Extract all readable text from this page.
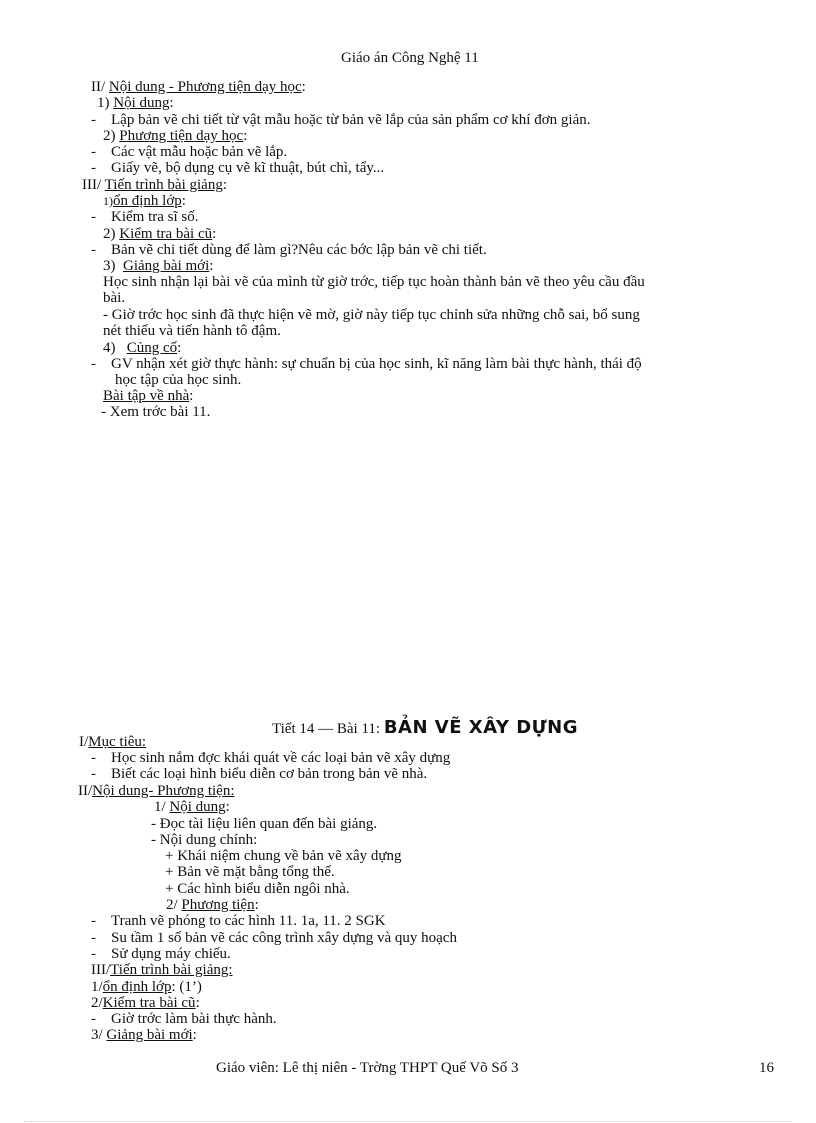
Giáo án Công Nghệ 11
II/ Nội dung - Phương tiện dạy học:
1) Nội dung:
-    Lập bản vẽ chi tiết từ vật mẫu hoặc từ bản vẽ lắp của sản phẩm cơ khí đơn giản.
2) Phương tiện dạy học:
-    Các vật mẫu hoặc bản vẽ lắp.
-    Giấy vẽ, bộ dụng cụ vẽ kĩ thuật, bút chì, tẩy...
III/ Tiến trình bài giảng:
1)ổn định lớp:
-    Kiểm tra sĩ số.
2) Kiểm tra bài cũ:
-    Bản vẽ chi tiết dùng để làm gì?Nêu các bớc lập bản vẽ chi tiết.
3) Giảng bài mới:
Học sinh nhận lại bài vẽ của mình từ giờ trớc, tiếp tục hoàn thành bản vẽ theo yêu cầu đầu
bài.
- Giờ trớc học sinh đã thực hiện vẽ mờ, giờ này tiếp tục chỉnh sửa những chỗ sai, bổ sung
nét thiếu và tiến hành tô đậm.
4) Củng cố:
-    GV nhận xét giờ thực hành: sự chuẩn bị của học sinh, kĩ năng làm bài thực hành, thái độ
học tập của học sinh.
Bài tập về nhà:
- Xem trớc bài 11.
Tiết 14 — Bài 11: BẢN VẼ XÂY DỰNG
I/Mục tiêu:
-    Học sinh nắm đợc khái quát về các loại bản vẽ xây dựng
-    Biết các loại hình biểu diễn cơ bản trong bản vẽ nhà.
II/Nội dung- Phương tiện:
1/ Nội dung:
- Đọc tài liệu liên quan đến bài giảng.
- Nội dung chính:
+ Khái niệm chung về bản vẽ xây dựng
+ Bản vẽ mặt bằng tổng thể.
+ Các hình biểu diễn ngôi nhà.
2/ Phương tiện:
-    Tranh vẽ phóng to các hình 11. 1a, 11. 2 SGK
-    Su tầm 1 số bản vẽ các công trình xây dựng và quy hoạch
-    Sử dụng máy chiếu.
III/Tiến trình bài giảng:
1/ổn định lớp: (1’)
2/Kiểm tra bài cũ:
-    Giờ trớc làm bài thực hành.
3/ Giảng bài mới:
Giáo viên: Lê thị niên - Trờng THPT Quế Võ Số 3	16
